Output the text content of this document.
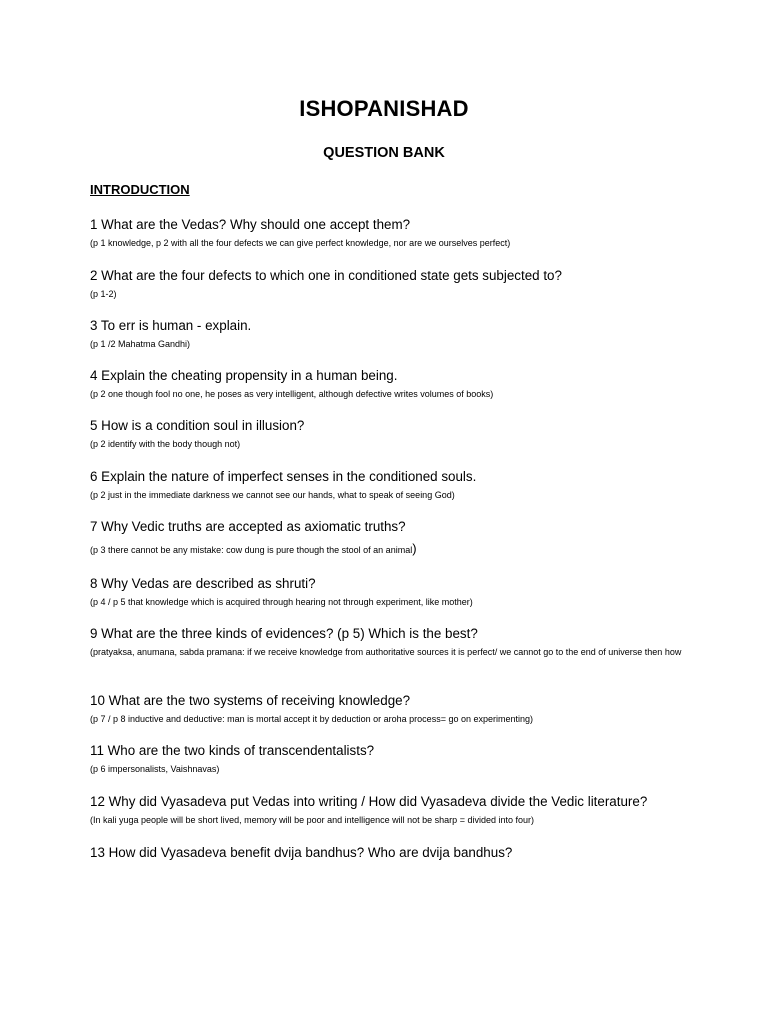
ISHOPANISHAD
QUESTION BANK
INTRODUCTION
1 What are the Vedas? Why should one accept them?
(p 1 knowledge, p 2 with all the four defects we can give perfect knowledge, nor are we ourselves perfect)
2 What are the four defects to which one in conditioned state gets subjected to?
(p 1-2)
3 To err is human - explain.
(p 1 /2 Mahatma Gandhi)
4 Explain the cheating propensity in a human being.
(p 2 one though fool no one, he poses as very intelligent, although defective writes volumes of books)
5 How is a condition soul in illusion?
(p 2 identify with the body though not)
6 Explain the nature of imperfect senses in the conditioned souls.
(p 2 just in the immediate darkness we cannot see our hands, what to speak of seeing God)
7 Why Vedic truths are accepted as axiomatic truths?
(p 3 there cannot be any mistake: cow dung is pure though the stool of an animal)
8 Why Vedas are described as shruti?
(p 4 / p 5 that knowledge which is acquired through hearing not through experiment, like mother)
9 What are the three kinds of evidences? (p 5) Which is the best?
(pratyaksa, anumana, sabda pramana: if we receive knowledge from authoritative sources it is perfect/ we cannot go to the end of universe then how
10 What are the two systems of receiving knowledge?
(p 7 / p 8 inductive and deductive: man is mortal accept it by deduction or aroha process= go on experimenting)
11 Who are the two kinds of transcendentalists?
(p 6 impersonalists, Vaishnavas)
12 Why did Vyasadeva put Vedas into writing / How did Vyasadeva divide the Vedic literature?
(In kali yuga people will be short lived, memory will be poor and intelligence will not be sharp = divided into four)
13 How did Vyasadeva benefit dvija bandhus? Who are dvija bandhus?
